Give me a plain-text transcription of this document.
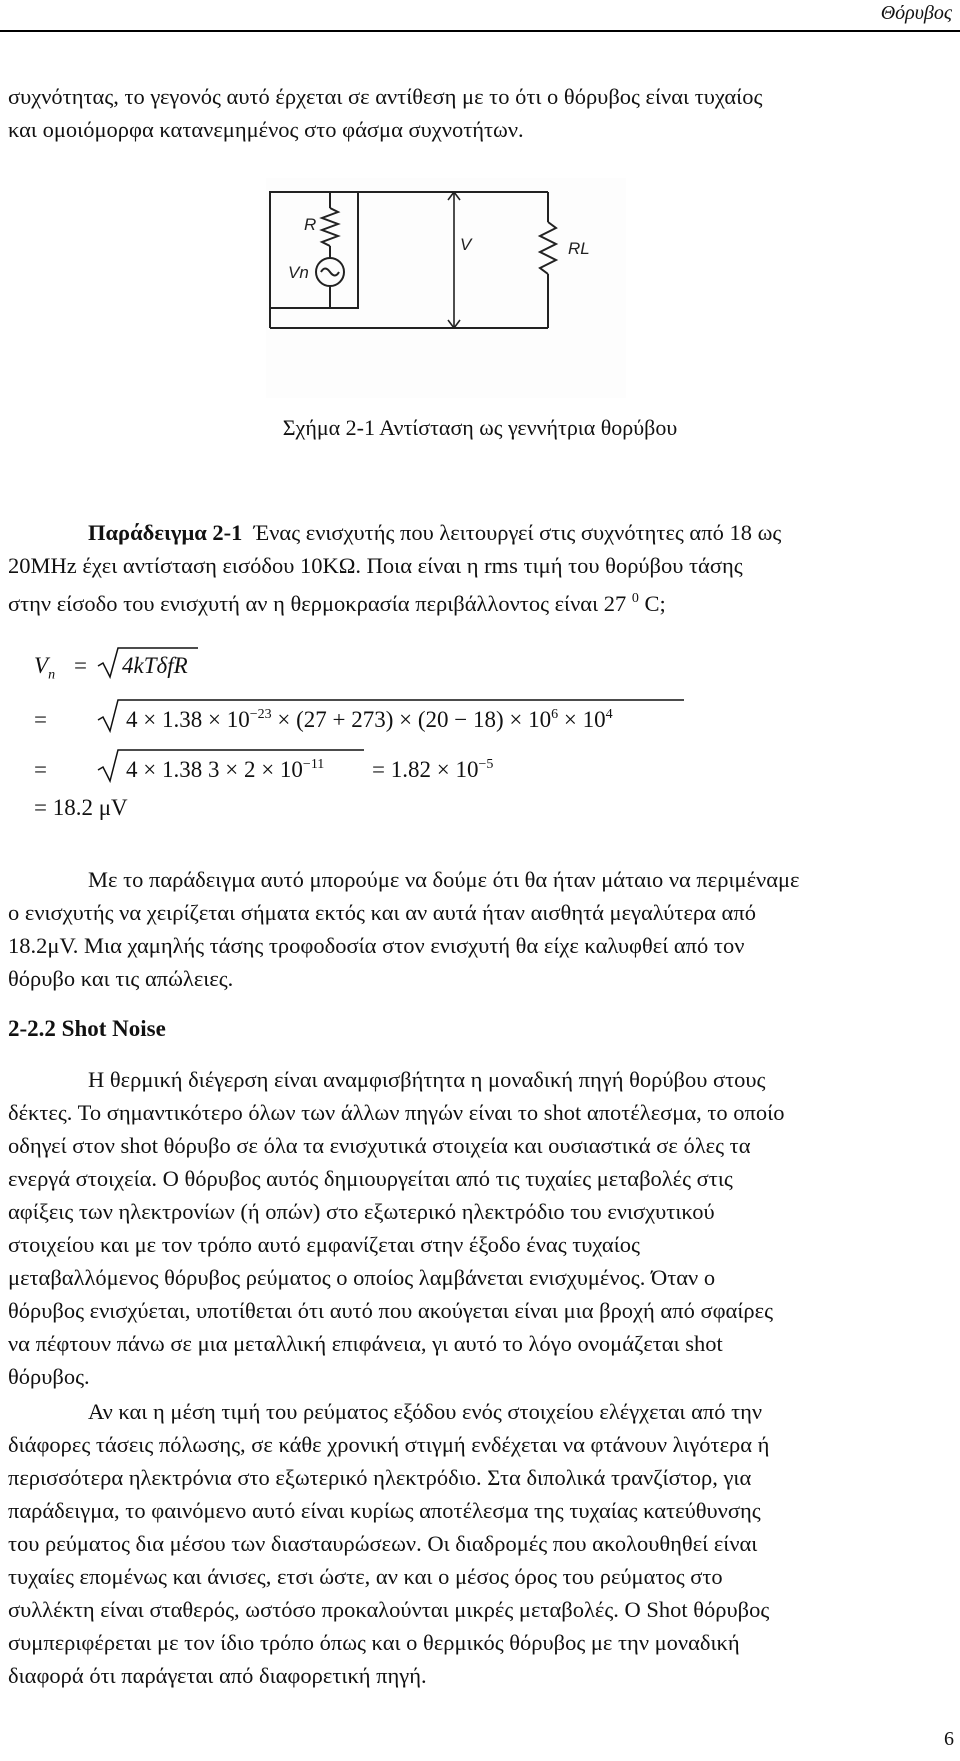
Θόρυβος

συχνότητας, το γεγονός αυτό έρχεται σε αντίθεση με το ότι ο θόρυβος είναι τυχαίος

και ομοιόμορφα κατανεμημένος στο φάσμα συχνοτήτων.

R
Vn
V	RL
Σχήμα 2-1 Αντίσταση ως γεννήτρια θορύβου

Παράδειγμα 2-1 Ένας ενισχυτής που λειτουργεί στις συχνότητες από 18 ως

20MHz έχει αντίσταση εισόδου 10KΩ. Ποια είναι η rms τιμή του θορύβου τάσης

στην είσοδο του ενισχυτή αν η θερμοκρασία περιβάλλοντος είναι 27 $^0$ C;

$V_n = 4kT\delta fR$
=	$4 \times 1.38 \times 10^{-23} \times (27 + 273) \times (20 - 18) \times 10^6 \times 10^4$
=	4 × 1.38 $3 \times 2 \times 10^{-11} = 1.82 \times 10^{-5}$
= 18.2 μV

Με το παράδειγμα αυτό μπορούμε να δούμε ότι θα ήταν μάταιο να περιμέναμε

ο ενισχυτής να χειρίζεται σήματα εκτός και αν αυτά ήταν αισθητά μεγαλύτερα από

18.2μV. Μια χαμηλής τάσης τροφοδοσία στον ενισχυτή θα είχε καλυφθεί από τον

θόρυβο και τις απώλειες.

2-2.2 Shot Noise

Η θερμική διέγερση είναι αναμφισβήτητα η μοναδική πηγή θορύβου στους

δέκτες. Το σημαντικότερο όλων των άλλων πηγών είναι το shot αποτέλεσμα, το οποίο

οδηγεί στον shot θόρυβο σε όλα τα ενισχυτικά στοιχεία και ουσιαστικά σε όλες τα

ενεργά στοιχεία. Ο θόρυβος αυτός δημιουργείται από τις τυχαίες μεταβολές στις

αφίξεις των ηλεκτρονίων (ή οπών) στο εξωτερικό ηλεκτρόδιο του ενισχυτικού

στοιχείου και με τον τρόπο αυτό εμφανίζεται στην έξοδο ένας τυχαίος

μεταβαλλόμενος θόρυβος ρεύματος ο οποίος λαμβάνεται ενισχυμένος. Όταν ο

θόρυβος ενισχύεται, υποτίθεται ότι αυτό που ακούγεται είναι μια βροχή από σφαίρες

να πέφτουν πάνω σε μια μεταλλική επιφάνεια, γι αυτό το λόγο ονομάζεται shot

θόρυβος.

Αν και η μέση τιμή του ρεύματος εξόδου ενός στοιχείου ελέγχεται από την

διάφορες τάσεις πόλωσης, σε κάθε χρονική στιγμή ενδέχεται να φτάνουν λιγότερα ή

περισσότερα ηλεκτρόνια στο εξωτερικό ηλεκτρόδιο. Στα διπολικά τρανζίστορ, για

παράδειγμα, το φαινόμενο αυτό είναι κυρίως αποτέλεσμα της τυχαίας κατεύθυνσης

του ρεύματος δια μέσου των διασταυρώσεων. Οι διαδρομές που ακολουθηθεί είναι

τυχαίες επομένως και άνισες, ετσι ώστε, αν και ο μέσος όρος του ρεύματος στο

συλλέκτη είναι σταθερός, ωστόσο προκαλούνται μικρές μεταβολές. Ο Shot θόρυβος

συμπεριφέρεται με τον ίδιο τρόπο όπως και ο θερμικός θόρυβος με την μοναδική

διαφορά ότι παράγεται από διαφορετική πηγή.

6
